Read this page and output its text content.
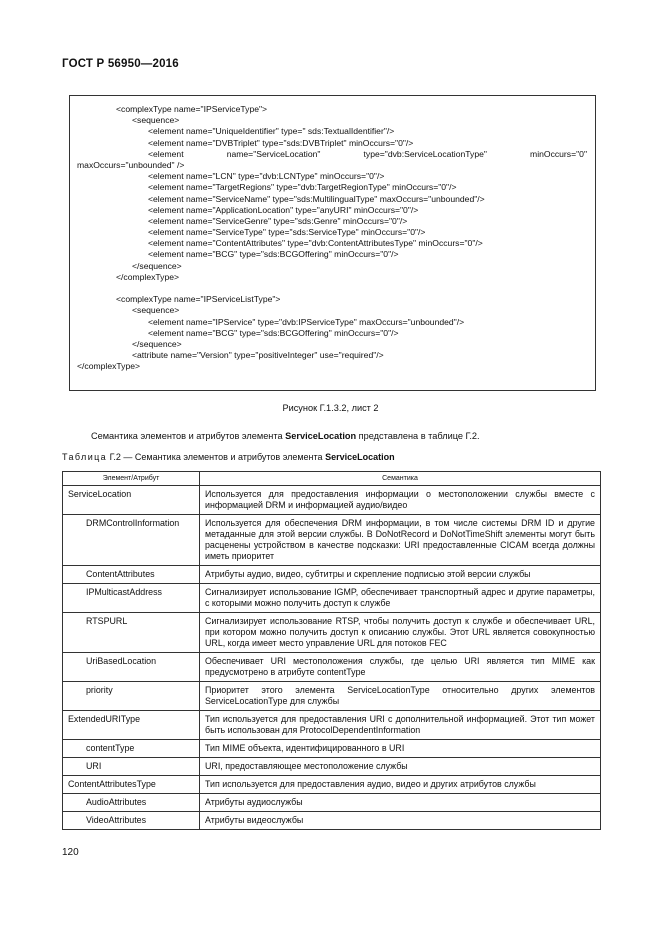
ГОСТ Р 56950—2016
<complexType name="IPServiceType">
<sequence>
<element name="UniqueIdentifier" type=" sds:TextualIdentifier"/>
<element name="DVBTriplet" type="sds:DVBTriplet" minOccurs="0"/>
<element	name="ServiceLocation"	type="dvb:ServiceLocationType"	minOccurs="0"
maxOccurs="unbounded" />
<element name="LCN" type="dvb:LCNType" minOccurs="0"/>
<element name="TargetRegions" type="dvb:TargetRegionType" minOccurs="0"/>
<element name="ServiceName" type="sds:MultilingualType" maxOccurs="unbounded"/>
<element name="ApplicationLocation" type="anyURI" minOccurs="0"/>
<element name="ServiceGenre" type="sds:Genre" minOccurs="0"/>
<element name="ServiceType" type="sds:ServiceType" minOccurs="0"/>
<element name="ContentAttributes" type="dvb:ContentAttributesType" minOccurs="0"/>
<element name="BCG" type="sds:BCGOffering" minOccurs="0"/>
</sequence>
</complexType>
<complexType name="IPServiceListType">
<sequence>
<element name="IPService" type="dvb:IPServiceType" maxOccurs="unbounded"/>
<element name="BCG" type="sds:BCGOffering" minOccurs="0"/>
</sequence>
<attribute name="Version" type="positiveInteger" use="required"/>
</complexType>
Рисунок Г.1.3.2, лист 2
Семантика элементов и атрибутов элемента ServiceLocation представлена в таблице Г.2.
Таблица Г.2 — Семантика элементов и атрибутов элемента ServiceLocation
Элемент/Атрибут	Семантика
ServiceLocation	Используется для предоставления информации о местоположении службы вместе с информацией DRM и информацией аудио/видео
DRMControlInformation	Используется для обеспечения DRM информации, в том числе системы DRM ID и другие метаданные для этой версии службы. В DoNotRecord и DoNotTimeShift элементы могут быть расценены устройством в качестве подсказки: URI предоставленные CICAM всегда должны иметь приоритет
ContentAttributes	Атрибуты аудио, видео, субтитры и скрепление подписью этой версии службы
IPMulticastAddress	Сигнализирует использование IGMP, обеспечивает транспортный адрес и другие параметры, с которыми можно получить доступ к службе
RTSPURL	Сигнализирует использование RTSP, чтобы получить доступ к службе и обеспечивает URL, при котором можно получить доступ к описанию службы. Этот URL является совокупностью URL, когда имеет место управление URL для потоков FEC
UriBasedLocation	Обеспечивает URI местоположения службы, где целью URI является тип MIME как предусмотрено в атрибуте contentType
priority	Приоритет этого элемента ServiceLocationType относительно других элементов ServiceLocationType для службы
ExtendedURIType	Тип используется для предоставления URI с дополнительной информацией. Этот тип может быть использован для ProtocolDependentInformation
contentType	Тип MIME объекта, идентифицированного в URI
URI	URI, предоставляющее местоположение службы
ContentAttributesType	Тип используется для предоставления аудио, видео и других атрибутов службы
AudioAttributes	Атрибуты аудиослужбы
VideoAttributes	Атрибуты видеослужбы
120
